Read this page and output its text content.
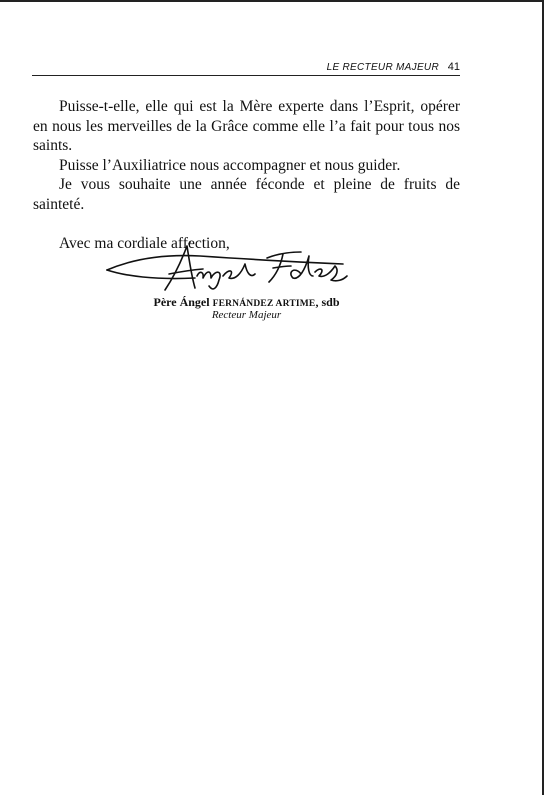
LE RECTEUR MAJEUR 41

Puisse-t-elle, elle qui est la Mère experte dans l’Esprit, opérer en nous les merveilles de la Grâce comme elle l’a fait pour tous nos saints.

Puisse l’Auxiliatrice nous accompagner et nous guider.

Je vous souhaite une année féconde et pleine de fruits de sainteté.

Avec ma cordiale affection,

Père Ángel FERNÁNDEZ ARTIME, sdb
Recteur Majeur
